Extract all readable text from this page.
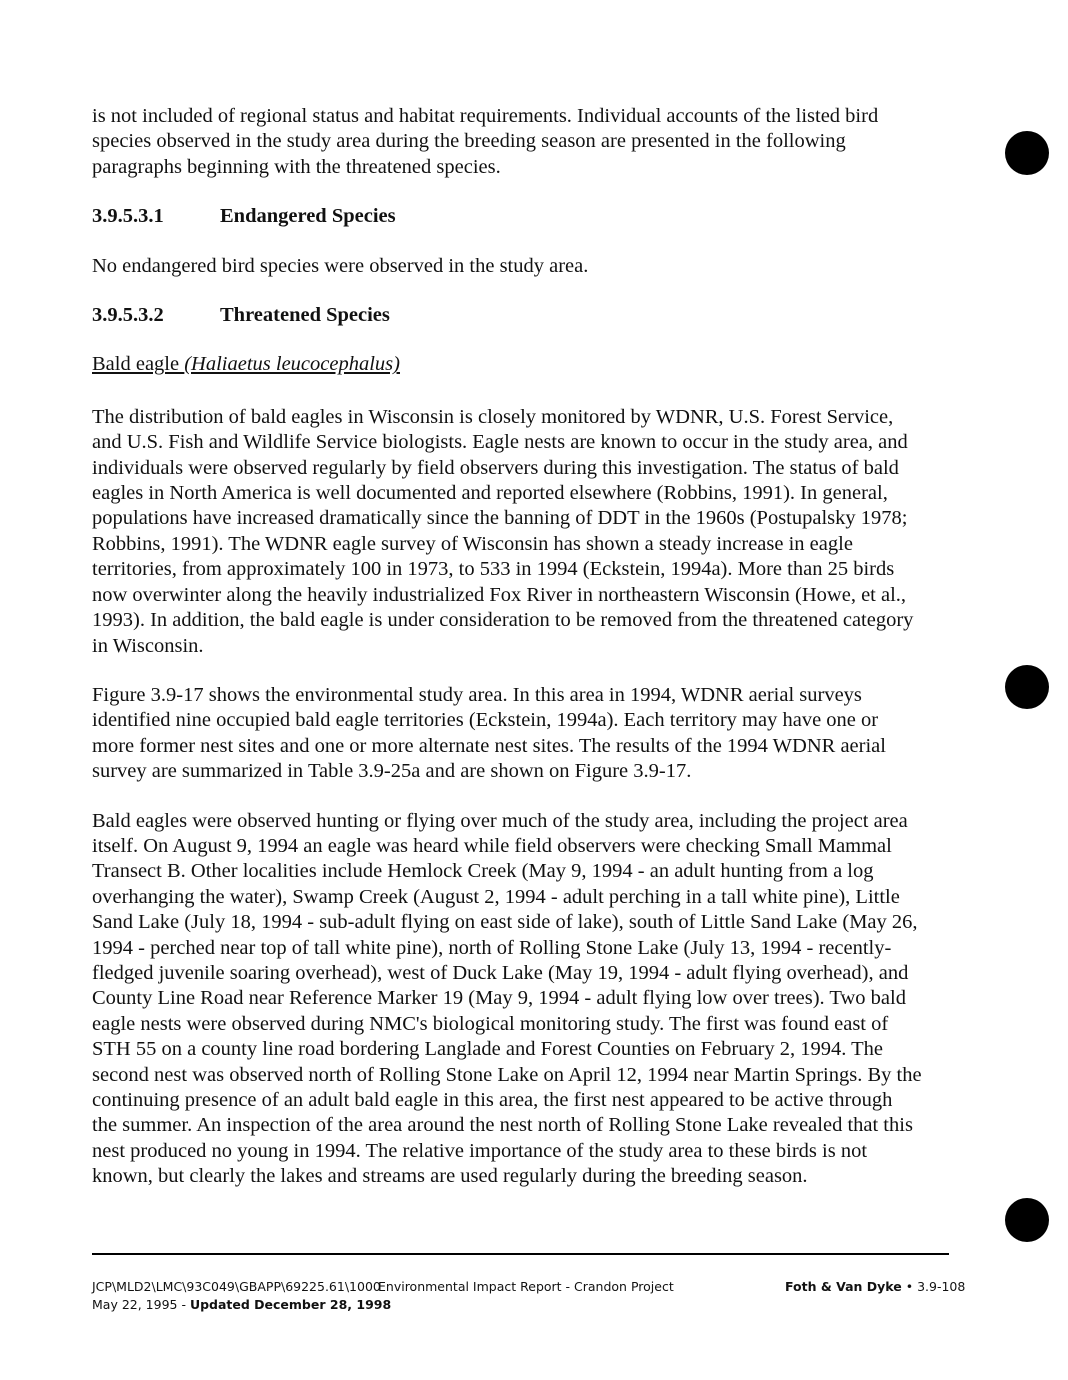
is not included of regional status and habitat requirements. Individual accounts of the listed bird species observed in the study area during the breeding season are presented in the following paragraphs beginning with the threatened species.

3.9.5.3.1	Endangered Species

No endangered bird species were observed in the study area.

3.9.5.3.2	Threatened Species
Bald eagle (Haliaetus leucocephalus)

The distribution of bald eagles in Wisconsin is closely monitored by WDNR, U.S. Forest Service, and U.S. Fish and Wildlife Service biologists. Eagle nests are known to occur in the study area, and individuals were observed regularly by field observers during this investigation. The status of bald eagles in North America is well documented and reported elsewhere (Robbins, 1991). In general, populations have increased dramatically since the banning of DDT in the 1960s (Postupalsky 1978; Robbins, 1991). The WDNR eagle survey of Wisconsin has shown a steady increase in eagle territories, from approximately 100 in 1973, to 533 in 1994 (Eckstein, 1994a). More than 25 birds now overwinter along the heavily industrialized Fox River in northeastern Wisconsin (Howe, et al., 1993). In addition, the bald eagle is under consideration to be removed from the threatened category in Wisconsin.

Figure 3.9-17 shows the environmental study area. In this area in 1994, WDNR aerial surveys identified nine occupied bald eagle territories (Eckstein, 1994a). Each territory may have one or more former nest sites and one or more alternate nest sites. The results of the 1994 WDNR aerial survey are summarized in Table 3.9-25a and are shown on Figure 3.9-17.

Bald eagles were observed hunting or flying over much of the study area, including the project area itself. On August 9, 1994 an eagle was heard while field observers were checking Small Mammal Transect B. Other localities include Hemlock Creek (May 9, 1994 - an adult hunting from a log overhanging the water), Swamp Creek (August 2, 1994 - adult perching in a tall white pine), Little Sand Lake (July 18, 1994 - sub-adult flying on east side of lake), south of Little Sand Lake (May 26, 1994 - perched near top of tall white pine), north of Rolling Stone Lake (July 13, 1994 - recently-fledged juvenile soaring overhead), west of Duck Lake (May 19, 1994 - adult flying overhead), and County Line Road near Reference Marker 19 (May 9, 1994 - adult flying low over trees). Two bald eagle nests were observed during NMC's biological monitoring study. The first was found east of STH 55 on a county line road bordering Langlade and Forest Counties on February 2, 1994. The second nest was observed north of Rolling Stone Lake on April 12, 1994 near Martin Springs. By the continuing presence of an adult bald eagle in this area, the first nest appeared to be active through the summer. An inspection of the area around the nest north of Rolling Stone Lake revealed that this nest produced no young in 1994. The relative importance of the study area to these birds is not known, but clearly the lakes and streams are used regularly during the breeding season.

JCP\MLD2\LMC\93C049\GBAPP\69225.61\1000
May 22, 1995 - Updated December 28, 1998
Environmental Impact Report - Crandon Project	Foth & Van Dyke • 3.9-108
